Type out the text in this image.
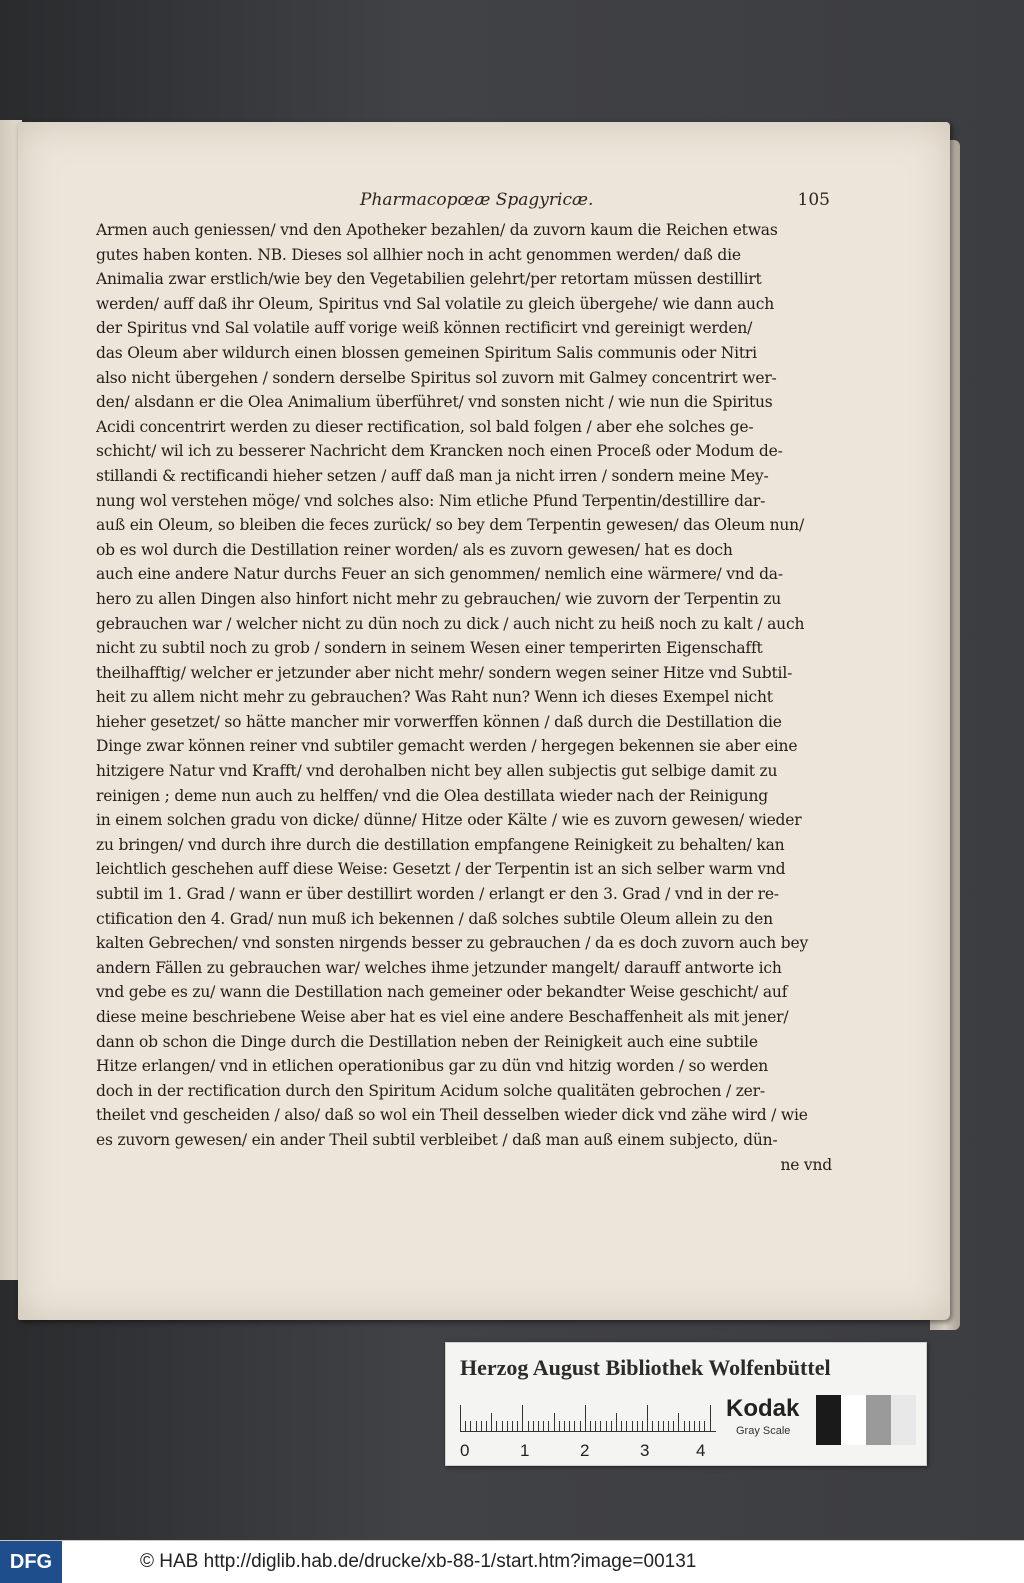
Pharmacopœæ Spagyricæ.	105
Armen auch geniessen/ vnd den Apotheker bezahlen/ da zuvorn kaum die Reichen etwas
gutes haben konten. NB. Dieses sol allhier noch in acht genommen werden/ daß die
Animalia zwar erstlich/wie bey den Vegetabilien gelehrt/per retortam müssen destillirt
werden/ auff daß ihr Oleum, Spiritus vnd Sal volatile zu gleich übergehe/ wie dann auch
der Spiritus vnd Sal volatile auff vorige weiß können rectificirt vnd gereinigt werden/
das Oleum aber wildurch einen blossen gemeinen Spiritum Salis communis oder Nitri
also nicht übergehen / sondern derselbe Spiritus sol zuvorn mit Galmey concentrirt wer-
den/ alsdann er die Olea Animalium überführet/ vnd sonsten nicht / wie nun die Spiritus
Acidi concentrirt werden zu dieser rectification, sol bald folgen / aber ehe solches ge-
schicht/ wil ich zu besserer Nachricht dem Krancken noch einen Proceß oder Modum de-
stillandi & rectificandi hieher setzen / auff daß man ja nicht irren / sondern meine Mey-
nung wol verstehen möge/ vnd solches also: Nim etliche Pfund Terpentin/destillire dar-
auß ein Oleum, so bleiben die feces zurück/ so bey dem Terpentin gewesen/ das Oleum nun/
ob es wol durch die Destillation reiner worden/ als es zuvorn gewesen/ hat es doch
auch eine andere Natur durchs Feuer an sich genommen/ nemlich eine wärmere/ vnd da-
hero zu allen Dingen also hinfort nicht mehr zu gebrauchen/ wie zuvorn der Terpentin zu
gebrauchen war / welcher nicht zu dün noch zu dick / auch nicht zu heiß noch zu kalt / auch
nicht zu subtil noch zu grob / sondern in seinem Wesen einer temperirten Eigenschafft
theilhafftig/ welcher er jetzunder aber nicht mehr/ sondern wegen seiner Hitze vnd Subtil-
heit zu allem nicht mehr zu gebrauchen? Was Raht nun? Wenn ich dieses Exempel nicht
hieher gesetzet/ so hätte mancher mir vorwerffen können / daß durch die Destillation die
Dinge zwar können reiner vnd subtiler gemacht werden / hergegen bekennen sie aber eine
hitzigere Natur vnd Krafft/ vnd derohalben nicht bey allen subjectis gut selbige damit zu
reinigen ; deme nun auch zu helffen/ vnd die Olea destillata wieder nach der Reinigung
in einem solchen gradu von dicke/ dünne/ Hitze oder Kälte / wie es zuvorn gewesen/ wieder
zu bringen/ vnd durch ihre durch die destillation empfangene Reinigkeit zu behalten/ kan
leichtlich geschehen auff diese Weise: Gesetzt / der Terpentin ist an sich selber warm vnd
subtil im 1. Grad / wann er über destillirt worden / erlangt er den 3. Grad / vnd in der re-
ctification den 4. Grad/ nun muß ich bekennen / daß solches subtile Oleum allein zu den
kalten Gebrechen/ vnd sonsten nirgends besser zu gebrauchen / da es doch zuvorn auch bey
andern Fällen zu gebrauchen war/ welches ihme jetzunder mangelt/ darauff antworte ich
vnd gebe es zu/ wann die Destillation nach gemeiner oder bekandter Weise geschicht/ auf
diese meine beschriebene Weise aber hat es viel eine andere Beschaffenheit als mit jener/
dann ob schon die Dinge durch die Destillation neben der Reinigkeit auch eine subtile
Hitze erlangen/ vnd in etlichen operationibus gar zu dün vnd hitzig worden / so werden
doch in der rectification durch den Spiritum Acidum solche qualitäten gebrochen / zer-
theilet vnd gescheiden / also/ daß so wol ein Theil desselben wieder dick vnd zähe wird / wie
es zuvorn gewesen/ ein ander Theil subtil verbleibet / daß man auß einem subjecto, dün-
ne vnd
Herzog August Bibliothek Wolfenbüttel
0	1	2	3	4
Kodak
Gray Scale
DFG	© HAB http://diglib.hab.de/drucke/xb-88-1/start.htm?image=00131
